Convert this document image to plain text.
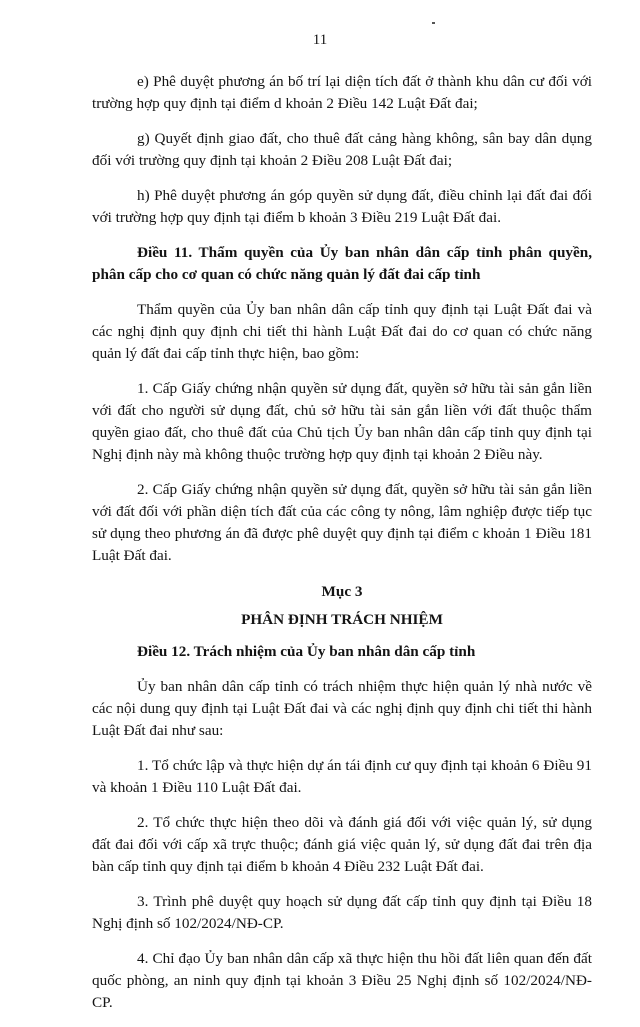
11

e) Phê duyệt phương án bố trí lại diện tích đất ở thành khu dân cư đối với trường hợp quy định tại điểm d khoản 2 Điều 142 Luật Đất đai;

g) Quyết định giao đất, cho thuê đất cảng hàng không, sân bay dân dụng đối với trường quy định tại khoản 2 Điều 208 Luật Đất đai;

h) Phê duyệt phương án góp quyền sử dụng đất, điều chỉnh lại đất đai đối với trường hợp quy định tại điểm b khoản 3 Điều 219 Luật Đất đai.

Điều 11. Thẩm quyền của Ủy ban nhân dân cấp tỉnh phân quyền, phân cấp cho cơ quan có chức năng quản lý đất đai cấp tỉnh

Thẩm quyền của Ủy ban nhân dân cấp tỉnh quy định tại Luật Đất đai và các nghị định quy định chi tiết thi hành Luật Đất đai do cơ quan có chức năng quản lý đất đai cấp tỉnh thực hiện, bao gồm:

1. Cấp Giấy chứng nhận quyền sử dụng đất, quyền sở hữu tài sản gắn liền với đất cho người sử dụng đất, chủ sở hữu tài sản gắn liền với đất thuộc thẩm quyền giao đất, cho thuê đất của Chủ tịch Ủy ban nhân dân cấp tỉnh quy định tại Nghị định này mà không thuộc trường hợp quy định tại khoản 2 Điều này.

2. Cấp Giấy chứng nhận quyền sử dụng đất, quyền sở hữu tài sản gắn liền với đất đối với phần diện tích đất của các công ty nông, lâm nghiệp được tiếp tục sử dụng theo phương án đã được phê duyệt quy định tại điểm c khoản 1 Điều 181 Luật Đất đai.

Mục 3
PHÂN ĐỊNH TRÁCH NHIỆM

Điều 12. Trách nhiệm của Ủy ban nhân dân cấp tỉnh

Ủy ban nhân dân cấp tỉnh có trách nhiệm thực hiện quản lý nhà nước về các nội dung quy định tại Luật Đất đai và các nghị định quy định chi tiết thi hành Luật Đất đai như sau:

1. Tổ chức lập và thực hiện dự án tái định cư quy định tại khoản 6 Điều 91 và khoản 1 Điều 110 Luật Đất đai.

2. Tổ chức thực hiện theo dõi và đánh giá đối với việc quản lý, sử dụng đất đai đối với cấp xã trực thuộc; đánh giá việc quản lý, sử dụng đất đai trên địa bàn cấp tỉnh quy định tại điểm b khoản 4 Điều 232 Luật Đất đai.

3. Trình phê duyệt quy hoạch sử dụng đất cấp tỉnh quy định tại Điều 18 Nghị định số 102/2024/NĐ-CP.

4. Chỉ đạo Ủy ban nhân dân cấp xã thực hiện thu hồi đất liên quan đến đất quốc phòng, an ninh quy định tại khoản 3 Điều 25 Nghị định số 102/2024/NĐ-CP.
